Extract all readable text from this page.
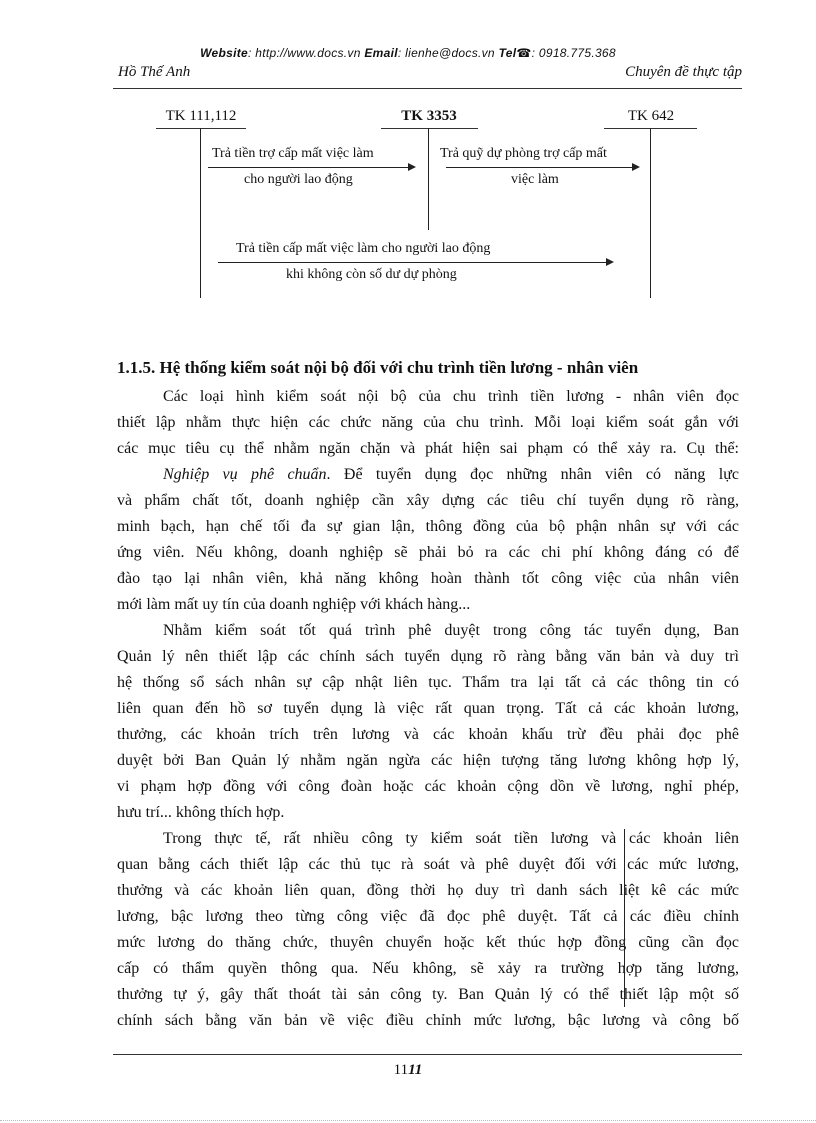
Website: http://www.docs.vn Email: lienhe@docs.vn Tel☎: 0918.775.368
Hồ Thế Anh	Chuyên đề thực tập
TK 111,112	TK 3353	TK 642
Trả tiền trợ cấp mất việc làm
cho người lao động
Trả quỹ dự phòng trợ cấp mất
việc làm
Trả tiền cấp mất việc làm cho người lao động
khi không còn số dư dự phòng
1.1.5. Hệ thống kiểm soát nội bộ đối với chu trình tiền lương - nhân viên
Các loại hình kiểm soát nội bộ của chu trình tiền lương - nhân viên đọc
thiết lập nhằm thực hiện các chức năng của chu trình. Mỗi loại kiểm soát gắn với
các mục tiêu cụ thể nhằm ngăn chặn và phát hiện sai phạm có thể xảy ra. Cụ thể:
Nghiệp vụ phê chuẩn. Để tuyển dụng đọc những nhân viên có năng lực
và phẩm chất tốt, doanh nghiệp cần xây dựng các tiêu chí tuyển dụng rõ ràng,
minh bạch, hạn chế tối đa sự gian lận, thông đồng của bộ phận nhân sự với các
ứng viên. Nếu không, doanh nghiệp sẽ phải bỏ ra các chi phí không đáng có để
đào tạo lại nhân viên, khả năng không hoàn thành tốt công việc của nhân viên
mới làm mất uy tín của doanh nghiệp với khách hàng...
Nhằm kiểm soát tốt quá trình phê duyệt trong công tác tuyển dụng, Ban
Quản lý nên thiết lập các chính sách tuyển dụng rõ ràng bằng văn bản và duy trì
hệ thống sổ sách nhân sự cập nhật liên tục. Thẩm tra lại tất cả các thông tin có
liên quan đến hồ sơ tuyển dụng là việc rất quan trọng. Tất cả các khoản lương,
thưởng, các khoản trích trên lương và các khoản khấu trừ đều phải đọc phê
duyệt bởi Ban Quản lý nhằm ngăn ngừa các hiện tượng tăng lương không hợp lý,
vi phạm hợp đồng với công đoàn hoặc các khoản cộng dồn về lương, nghỉ phép,
hưu trí... không thích hợp.
Trong thực tế, rất nhiều công ty kiểm soát tiền lương và các khoản liên
quan bằng cách thiết lập các thủ tục rà soát và phê duyệt đối với các mức lương,
thưởng và các khoản liên quan, đồng thời họ duy trì danh sách liệt kê các mức
lương, bậc lương theo từng công việc đã đọc phê duyệt. Tất cả các điều chỉnh
mức lương do thăng chức, thuyên chuyển hoặc kết thúc hợp đồng cũng cần đọc
cấp có thẩm quyền thông qua. Nếu không, sẽ xảy ra trường hợp tăng lương,
thưởng tự ý, gây thất thoát tài sản công ty. Ban Quản lý có thể thiết lập một số
chính sách bằng văn bản về việc điều chỉnh mức lương, bậc lương và công bố
1111
